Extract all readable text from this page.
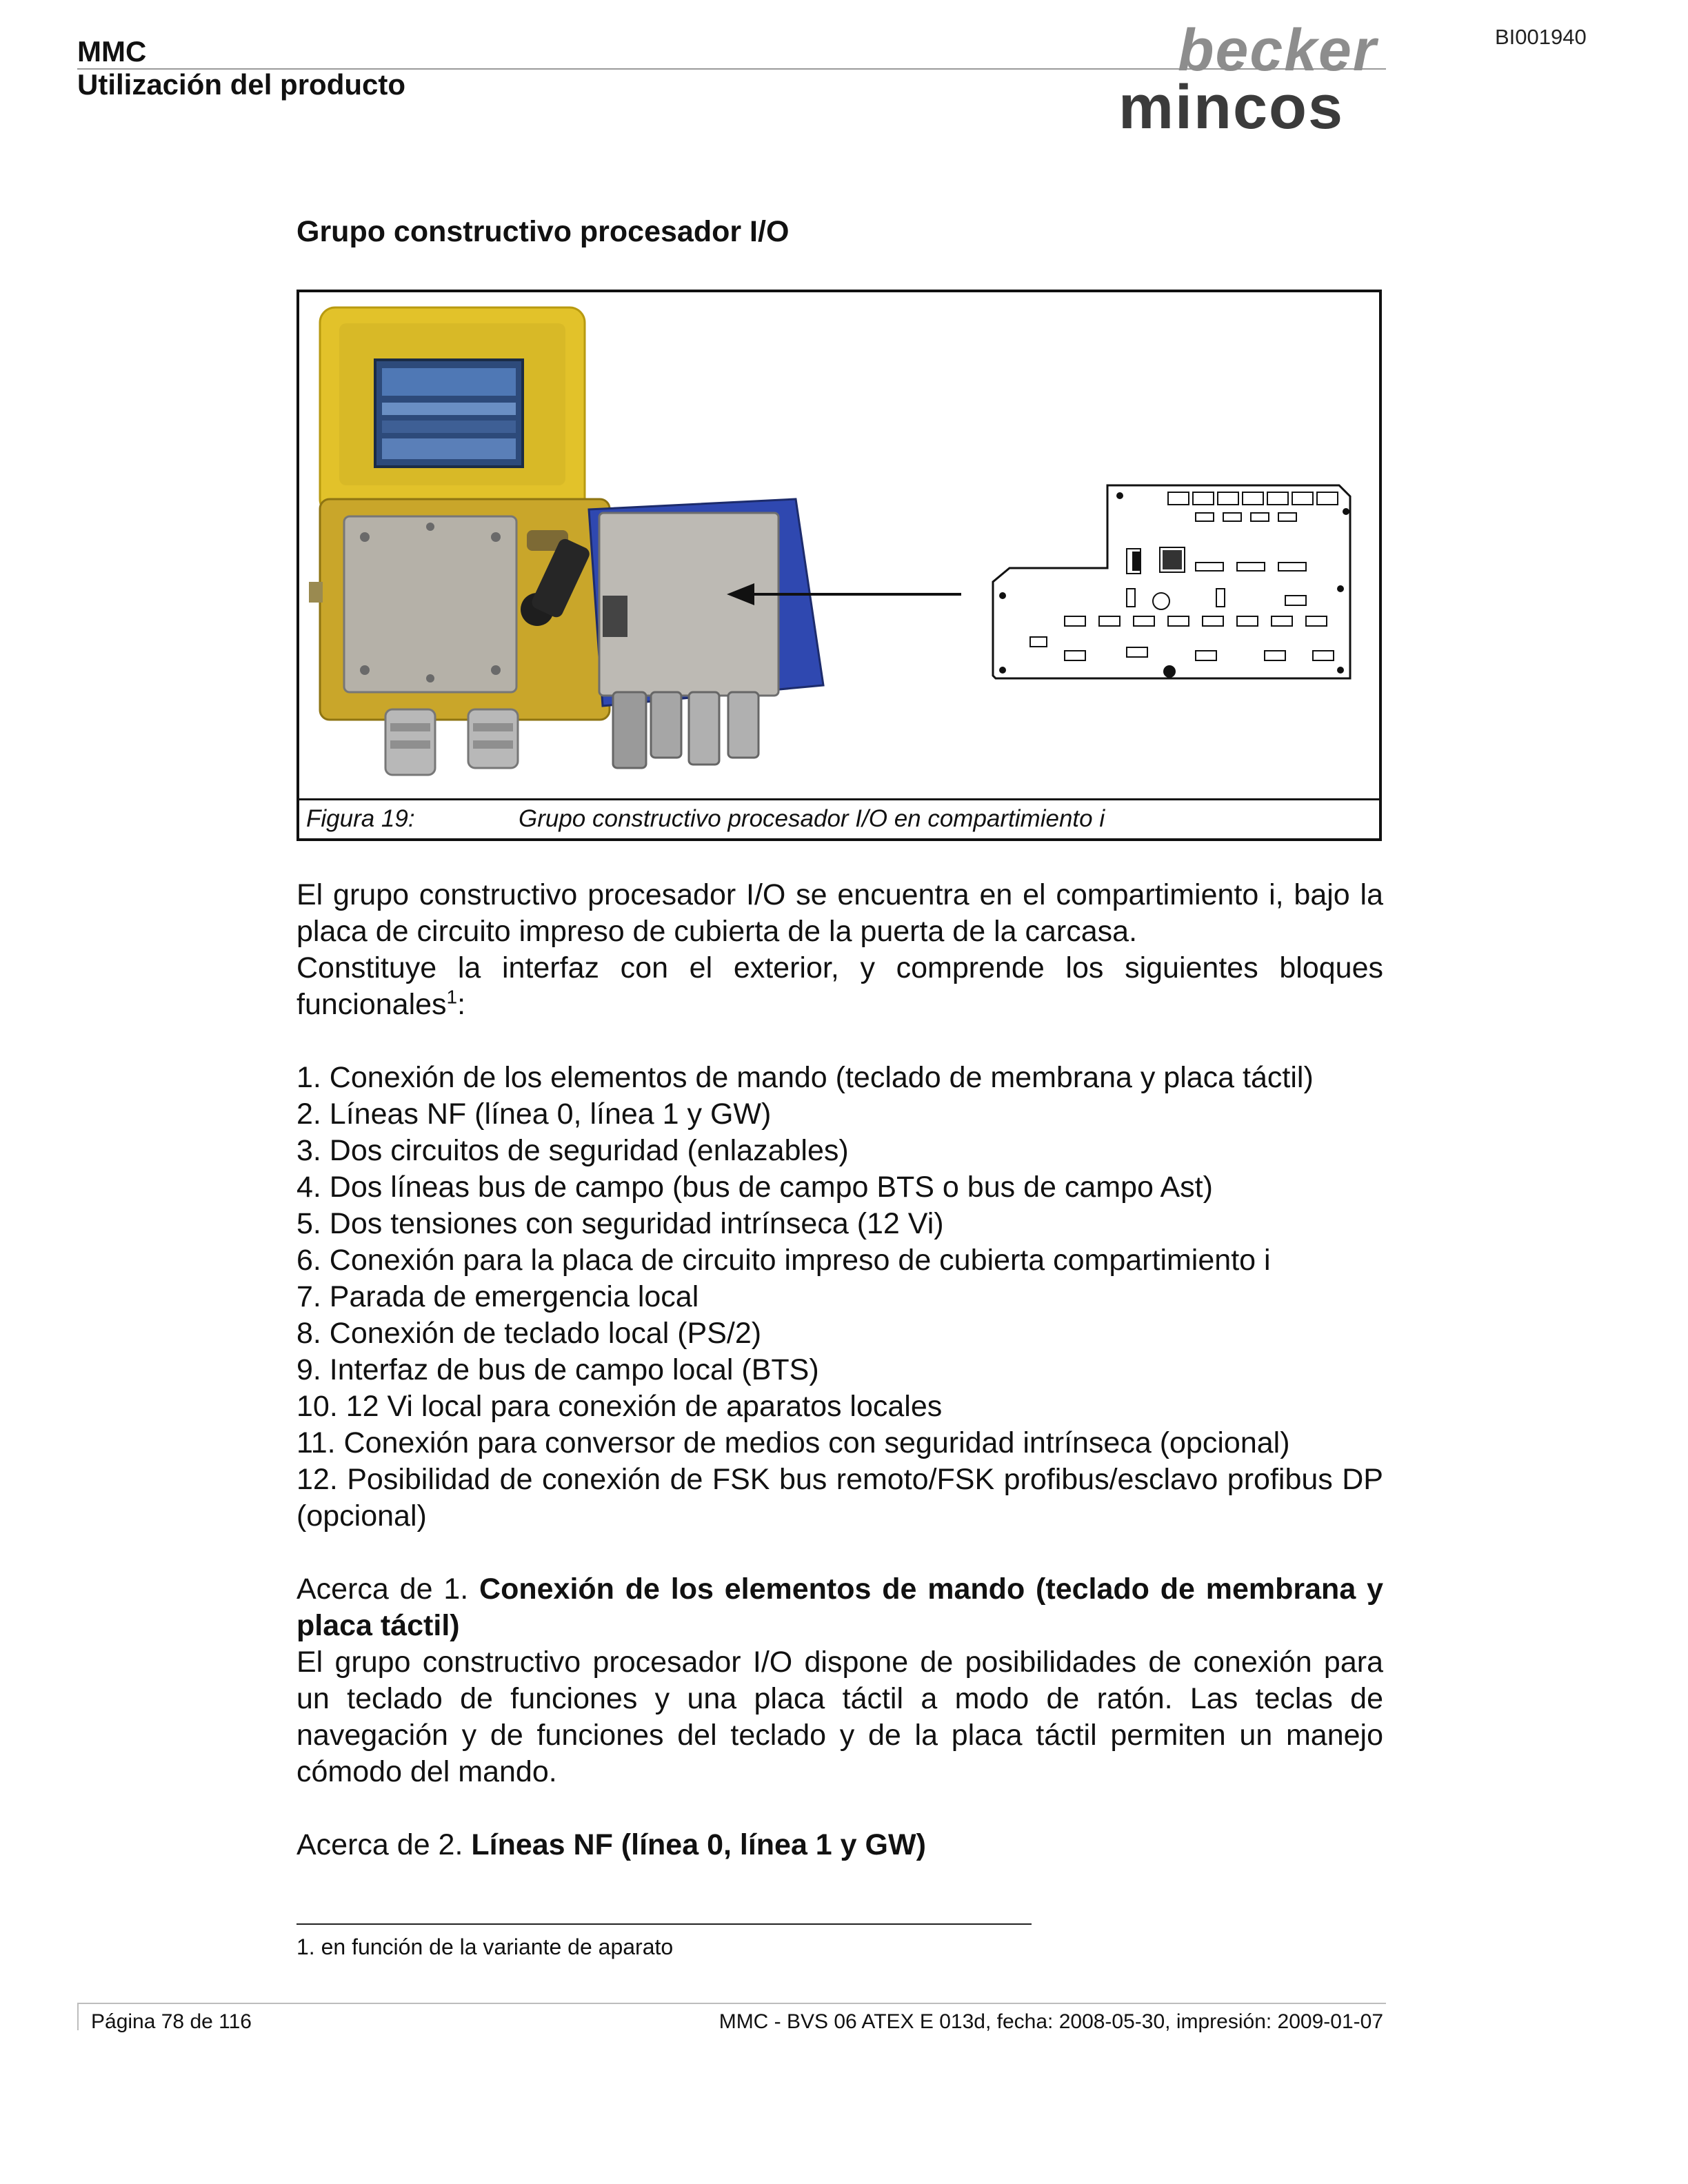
MMC
Utilización del producto
BI001940
becker
mincos
Grupo constructivo procesador I/O
Figura 19:	Grupo constructivo procesador I/O en compartimiento i

El grupo constructivo procesador I/O se encuentra en el compartimiento i, bajo la placa de circuito impreso de cubierta de la puerta de la carcasa.

Constituye la interfaz con el exterior, y comprende los siguientes bloques funcionales$^1$:

1. Conexión de los elementos de mando (teclado de membrana y placa táctil)
2. Líneas NF (línea 0, línea 1 y GW)
3. Dos circuitos de seguridad (enlazables)
4. Dos líneas bus de campo (bus de campo BTS o bus de campo Ast)
5. Dos tensiones con seguridad intrínseca (12 Vi)
6. Conexión para la placa de circuito impreso de cubierta compartimiento i
7. Parada de emergencia local
8. Conexión de teclado local (PS/2)
9. Interfaz de bus de campo local (BTS)
10. 12 Vi local para conexión de aparatos locales
11. Conexión para conversor de medios con seguridad intrínseca (opcional)
12. Posibilidad de conexión de FSK bus remoto/FSK profibus/esclavo profibus DP (opcional)

Acerca de 1. Conexión de los elementos de mando (teclado de membrana y placa táctil)

El grupo constructivo procesador I/O dispone de posibilidades de conexión para un teclado de funciones y una placa táctil a modo de ratón. Las teclas de navegación y de funciones del teclado y de la placa táctil permiten un manejo cómodo del mando.

Acerca de 2. Líneas NF (línea 0, línea 1 y GW)

1. en función de la variante de aparato
Página 78 de 116	MMC - BVS 06 ATEX E 013d, fecha: 2008-05-30, impresión: 2009-01-07
